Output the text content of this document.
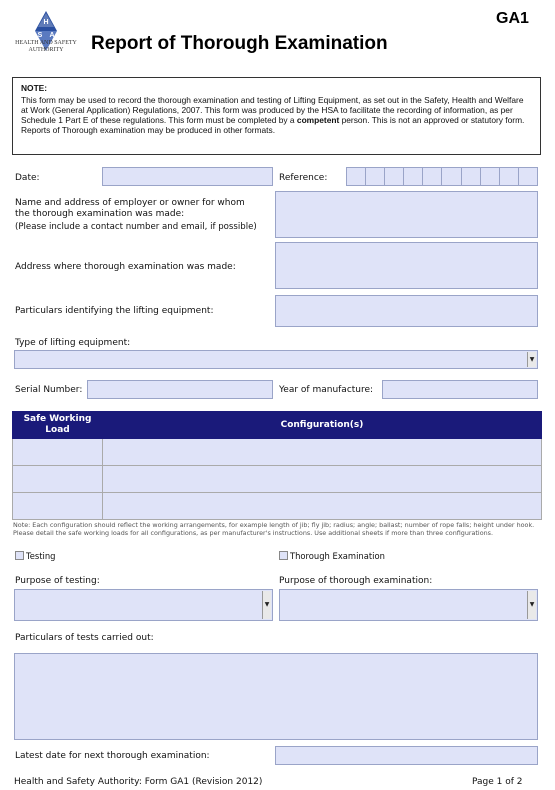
H
S A
HEALTH AND SAFETY
AUTHORITY	Report of Thorough Examination
GA1
NOTE:
This form may be used to record the thorough examination and testing of Lifting Equipment, as set out in the Safety, Health and Welfare at Work (General Application) Regulations, 2007. This form was produced by the HSA to facilitate the recording of information, as per Schedule 1 Part E of these regulations. This form must be completed by a competent person. This is not an approved or statutory form. Reports of Thorough examination may be produced in other formats.
Date:	Reference:
Name and address of employer or owner for whom
the thorough examination was made:
(Please include a contact number and email, if possible)
Address where thorough examination was made:
Particulars identifying the lifting equipment:
Type of lifting equipment:
▼
Serial Number:	Year of manufacture:
Safe Working
Load	Configuration(s)

Note: Each configuration should reflect the working arrangements, for example length of jib; fly jib; radius; angle; ballast; number of rope falls; height under hook. Please detail the safe working loads for all configurations, as per manufacturer's instructions. Use additional sheets if more than three configurations.
Testing	Thorough Examination
Purpose of testing:
▼
Purpose of thorough examination:
▼
Particulars of tests carried out:
Latest date for next thorough examination:
Health and Safety Authority: Form GA1 (Revision 2012)	Page 1 of 2
